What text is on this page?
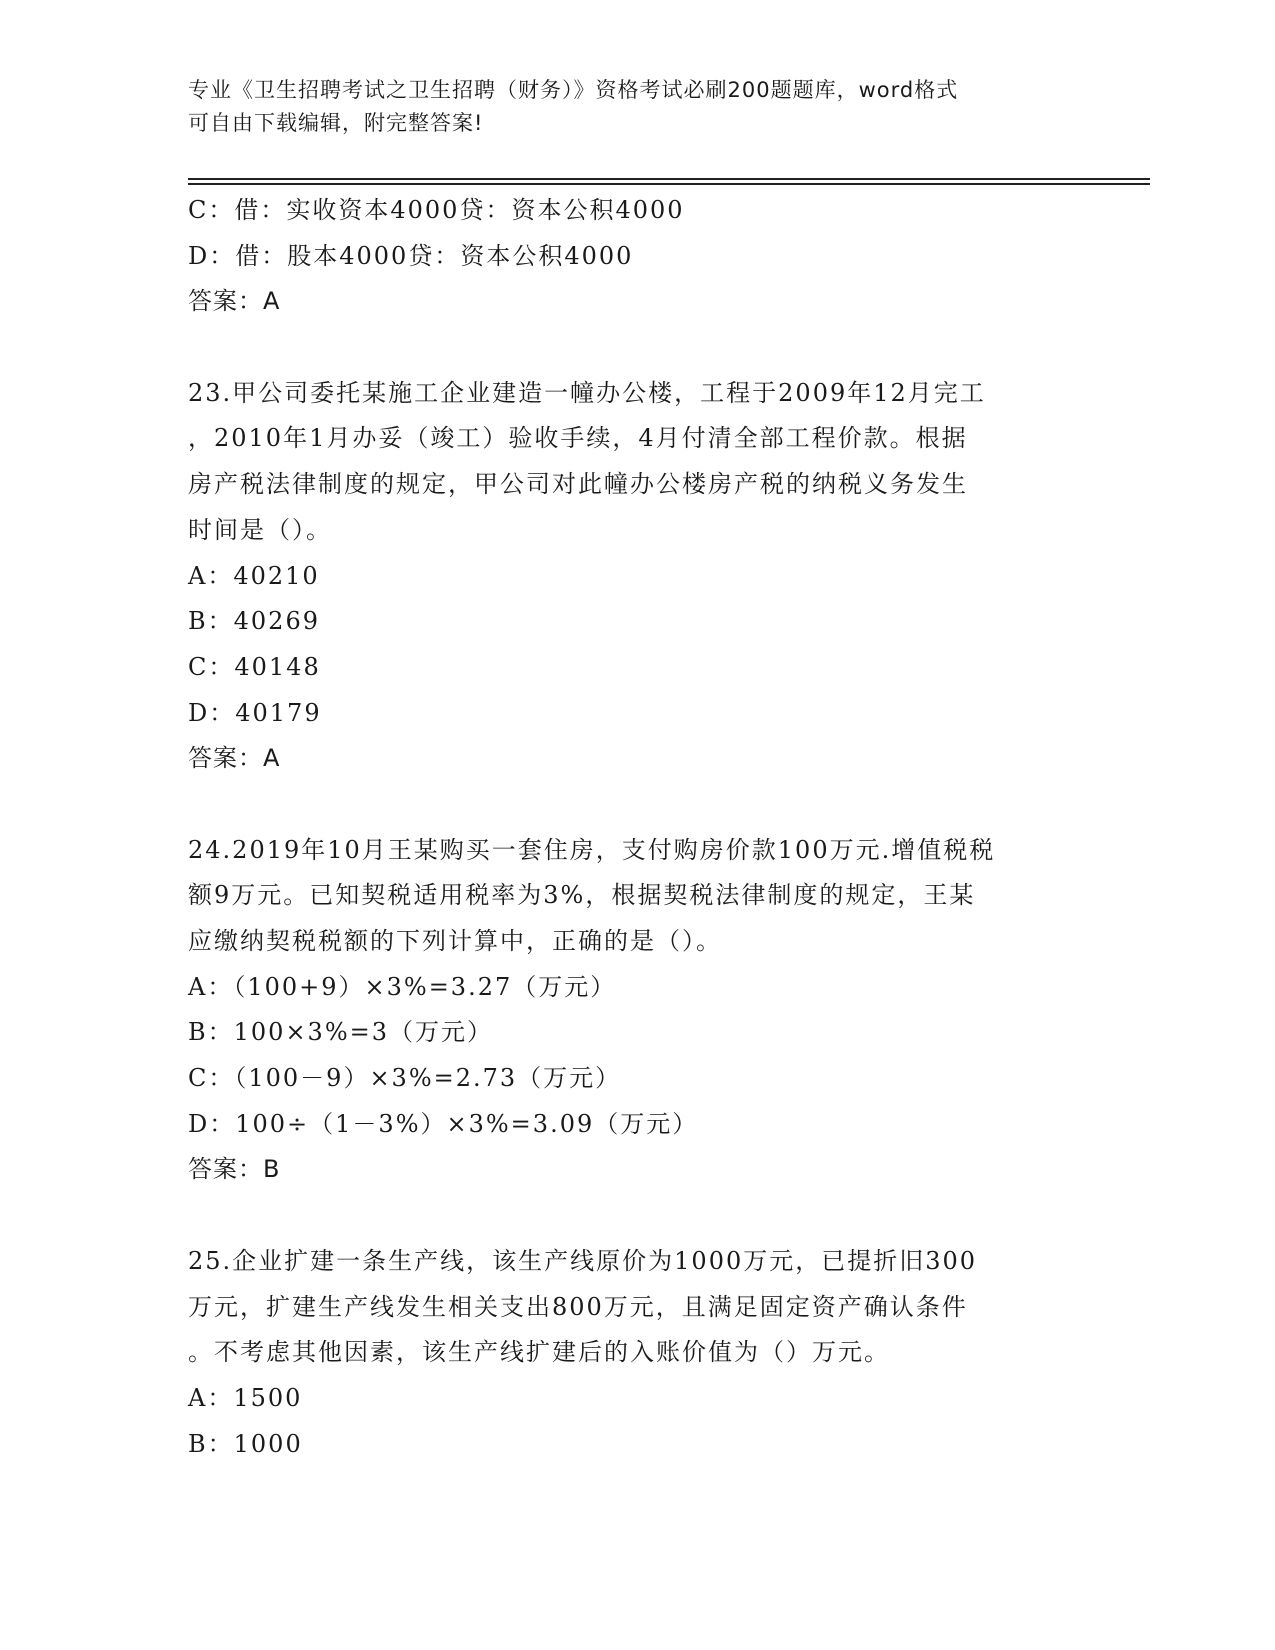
专业《卫生招聘考试之卫生招聘（财务）》资格考试必刷200题题库，word格式
可自由下载编辑，附完整答案!
C：借：实收资本4000贷：资本公积4000
D：借：股本4000贷：资本公积4000
答案：A
23.甲公司委托某施工企业建造一幢办公楼，工程于2009年12月完工
，2010年1月办妥（竣工）验收手续，4月付清全部工程价款。根据
房产税法律制度的规定，甲公司对此幢办公楼房产税的纳税义务发生
时间是（）。
A：40210
B：40269
C：40148
D：40179
答案：A
24.2019年10月王某购买一套住房，支付购房价款100万元.增值税税
额9万元。已知契税适用税率为3%，根据契税法律制度的规定，王某
应缴纳契税税额的下列计算中，正确的是（）。
A：（100+9）×3%=3.27（万元）
B：100×3%=3（万元）
C：（100－9）×3%=2.73（万元）
D：100÷（1－3%）×3%=3.09（万元）
答案：B
25.企业扩建一条生产线，该生产线原价为1000万元，已提折旧300
万元，扩建生产线发生相关支出800万元，且满足固定资产确认条件
。不考虑其他因素，该生产线扩建后的入账价值为（）万元。
A：1500
B：1000
